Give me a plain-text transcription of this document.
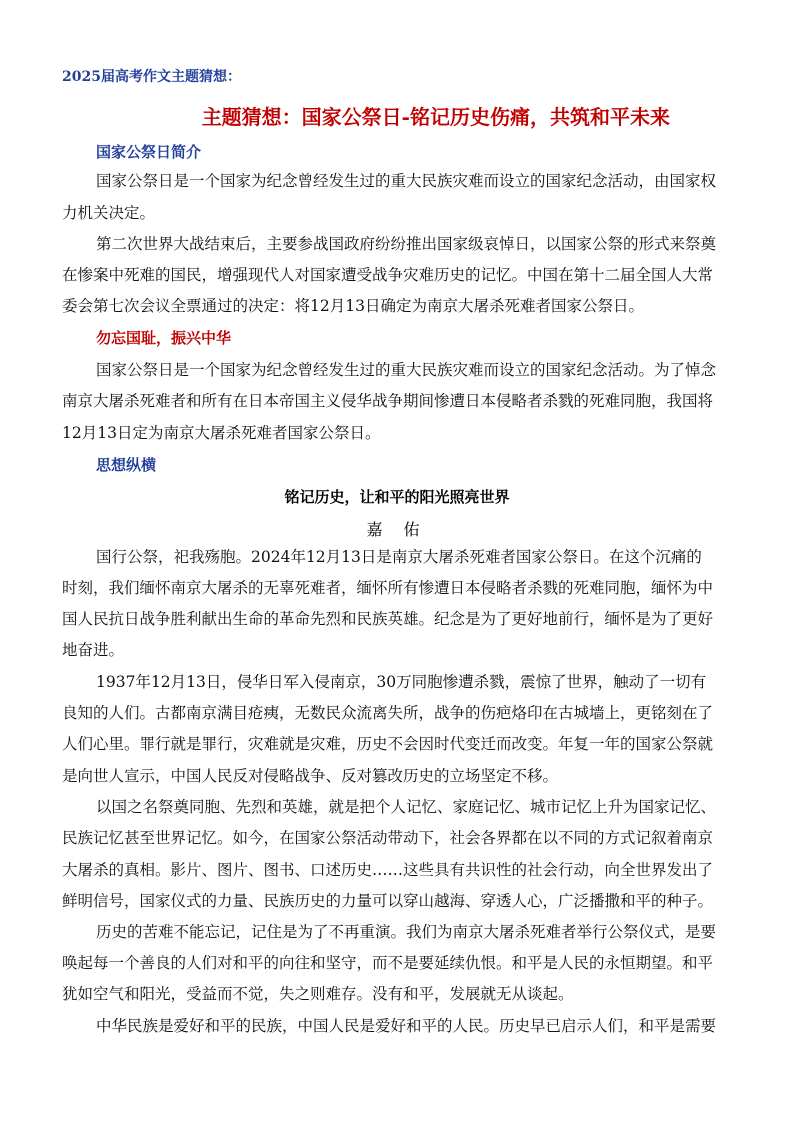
2025届高考作文主题猜想：
主题猜想：国家公祭日-铭记历史伤痛，共筑和平未来
国家公祭日简介
国家公祭日是一个国家为纪念曾经发生过的重大民族灾难而设立的国家纪念活动，由国家权
力机关决定。
第二次世界大战结束后，主要参战国政府纷纷推出国家级哀悼日，以国家公祭的形式来祭奠
在惨案中死难的国民，增强现代人对国家遭受战争灾难历史的记忆。中国在第十二届全国人大常
委会第七次会议全票通过的决定：将12月13日确定为南京大屠杀死难者国家公祭日。
勿忘国耻，振兴中华
国家公祭日是一个国家为纪念曾经发生过的重大民族灾难而设立的国家纪念活动。为了悼念
南京大屠杀死难者和所有在日本帝国主义侵华战争期间惨遭日本侵略者杀戮的死难同胞，我国将
12月13日定为南京大屠杀死难者国家公祭日。
思想纵横
铭记历史，让和平的阳光照亮世界
嘉 佑
国行公祭，祀我殇胞。2024年12月13日是南京大屠杀死难者国家公祭日。在这个沉痛的
时刻，我们缅怀南京大屠杀的无辜死难者，缅怀所有惨遭日本侵略者杀戮的死难同胞，缅怀为中
国人民抗日战争胜利献出生命的革命先烈和民族英雄。纪念是为了更好地前行，缅怀是为了更好
地奋进。
1937年12月13日，侵华日军入侵南京，30万同胞惨遭杀戮，震惊了世界，触动了一切有
良知的人们。古都南京满目疮痍，无数民众流离失所，战争的伤疤烙印在古城墙上，更铭刻在了
人们心里。罪行就是罪行，灾难就是灾难，历史不会因时代变迁而改变。年复一年的国家公祭就
是向世人宣示，中国人民反对侵略战争、反对篡改历史的立场坚定不移。
以国之名祭奠同胞、先烈和英雄，就是把个人记忆、家庭记忆、城市记忆上升为国家记忆、
民族记忆甚至世界记忆。如今，在国家公祭活动带动下，社会各界都在以不同的方式记叙着南京
大屠杀的真相。影片、图片、图书、口述历史……这些具有共识性的社会行动，向全世界发出了
鲜明信号，国家仪式的力量、民族历史的力量可以穿山越海、穿透人心，广泛播撒和平的种子。
历史的苦难不能忘记，记住是为了不再重演。我们为南京大屠杀死难者举行公祭仪式，是要
唤起每一个善良的人们对和平的向往和坚守，而不是要延续仇恨。和平是人民的永恒期望。和平
犹如空气和阳光，受益而不觉，失之则难存。没有和平，发展就无从谈起。
中华民族是爱好和平的民族，中国人民是爱好和平的人民。历史早已启示人们，和平是需要
